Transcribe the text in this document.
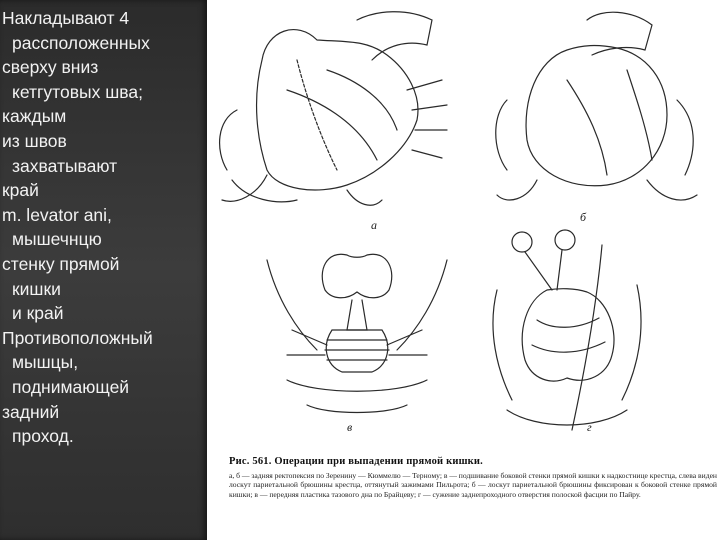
Накладывают 4
рассположенных
сверху вниз
кетгутовых шва;
каждым
из швов
захватывают
край
m. levator ani,
мышечнцю
стенку прямой
кишки
и край
Противоположный
мышцы,
поднимающей
задний
проход.
а
б
в	г
Рис. 561. Операции при выпадении прямой кишки.
а, б — задняя ректопексия по Зеренину — Кюммелю — Терному; в — подшивание боковой стенки прямой кишки к надкостнице крестца, слева виден лоскут париетальной брюшины крестца, оттянутый зажимами Пильрота; б — лоскут париетальной брюшины фиксирован к боковой стенке прямой кишки; в — передняя пластика тазового дна по Брайцеву; г — сужение заднепроходного отверстия полоской фасции по Пайру.
